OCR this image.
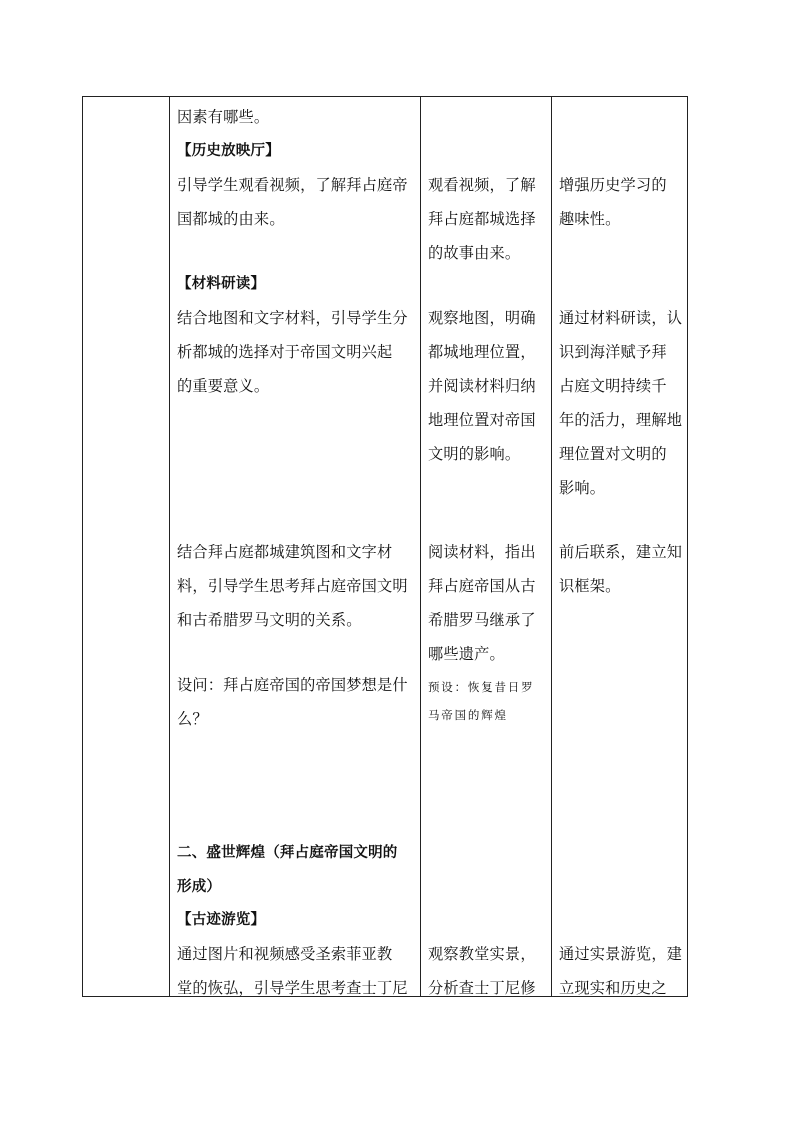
因素有哪些。
【历史放映厅】
引导学生观看视频，了解拜占庭帝
国都城的由来。
【材料研读】
结合地图和文字材料，引导学生分
析都城的选择对于帝国文明兴起
的重要意义。
结合拜占庭都城建筑图和文字材
料，引导学生思考拜占庭帝国文明
和古希腊罗马文明的关系。
设问：拜占庭帝国的帝国梦想是什
么？
二、盛世辉煌（拜占庭帝国文明的
形成）
【古迹游览】
通过图片和视频感受圣索菲亚教
堂的恢弘，引导学生思考查士丁尼
观看视频，了解
拜占庭都城选择
的故事由来。
观察地图，明确
都城地理位置，
并阅读材料归纳
地理位置对帝国
文明的影响。
阅读材料，指出
拜占庭帝国从古
希腊罗马继承了
哪些遗产。
预设：恢复昔日罗
马帝国的辉煌
观察教堂实景，
分析查士丁尼修
增强历史学习的
趣味性。
通过材料研读，认
识到海洋赋予拜
占庭文明持续千
年的活力，理解地
理位置对文明的
影响。
前后联系，建立知
识框架。
通过实景游览，建
立现实和历史之
